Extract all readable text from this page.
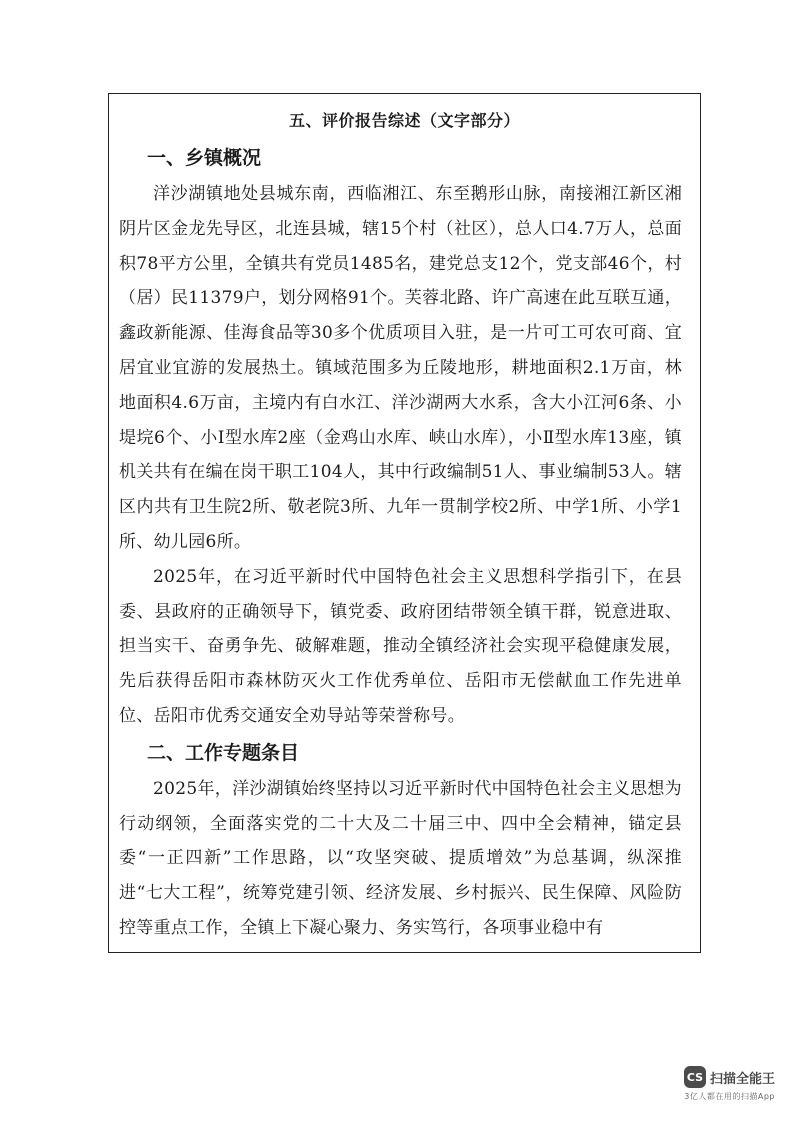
五、评价报告综述（文字部分）
一、乡镇概况

洋沙湖镇地处县城东南，西临湘江、东至鹅形山脉，南接湘江新区湘阴片区金龙先导区，北连县城，辖15个村（社区），总人口4.7万人，总面积78平方公里，全镇共有党员1485名，建党总支12个，党支部46个，村（居）民11379户，划分网格91个。芙蓉北路、许广高速在此互联互通，鑫政新能源、佳海食品等30多个优质项目入驻，是一片可工可农可商、宜居宜业宜游的发展热土。镇域范围多为丘陵地形，耕地面积2.1万亩，林地面积4.6万亩，主境内有白水江、洋沙湖两大水系，含大小江河6条、小堤垸6个、小Ⅰ型水库2座（金鸡山水库、峡山水库），小Ⅱ型水库13座，镇机关共有在编在岗干职工104人，其中行政编制51人、事业编制53人。辖区内共有卫生院2所、敬老院3所、九年一贯制学校2所、中学1所、小学1所、幼儿园6所。

2025年，在习近平新时代中国特色社会主义思想科学指引下，在县委、县政府的正确领导下，镇党委、政府团结带领全镇干群，锐意进取、担当实干、奋勇争先、破解难题，推动全镇经济社会实现平稳健康发展，先后获得岳阳市森林防灭火工作优秀单位、岳阳市无偿献血工作先进单位、岳阳市优秀交通安全劝导站等荣誉称号。

二、工作专题条目

2025年，洋沙湖镇始终坚持以习近平新时代中国特色社会主义思想为行动纲领，全面落实党的二十大及二十届三中、四中全会精神，锚定县委“一正四新”工作思路，以“攻坚突破、提质增效”为总基调，纵深推进“七大工程”，统筹党建引领、经济发展、乡村振兴、民生保障、风险防控等重点工作，全镇上下凝心聚力、务实笃行，各项事业稳中有

CS 扫描全能王
3亿人都在用的扫描App
